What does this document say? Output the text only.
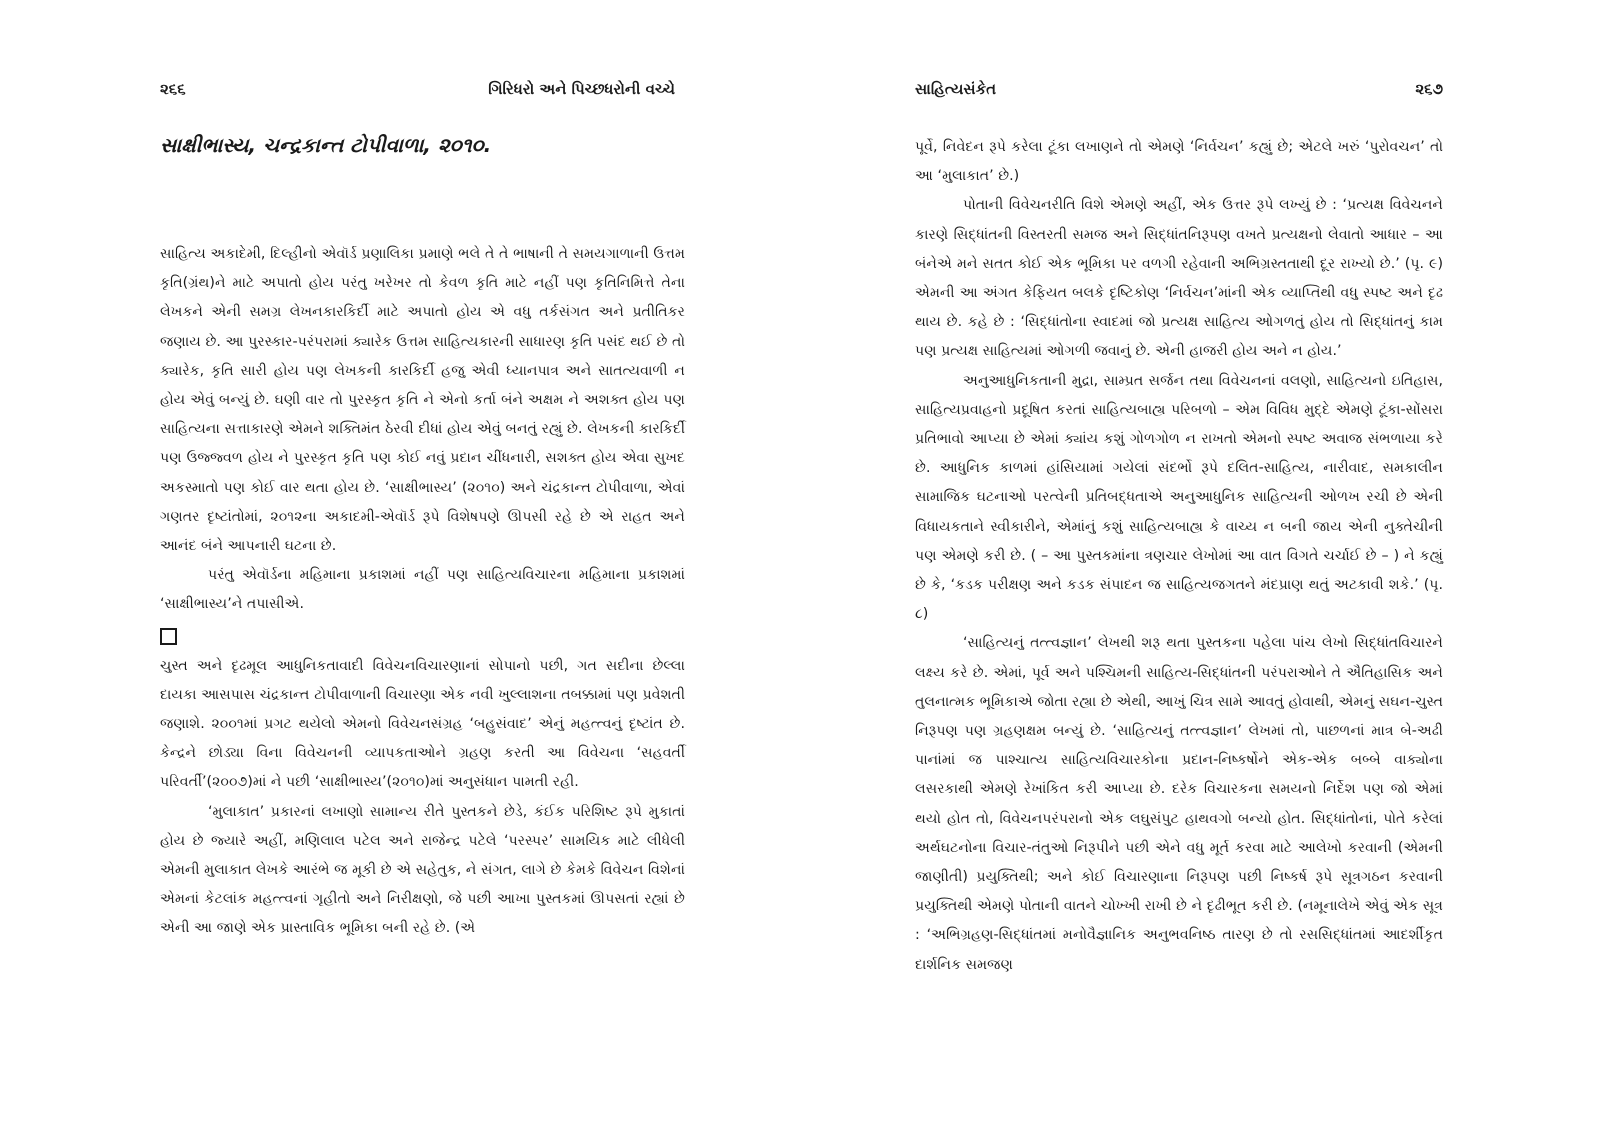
૨૬૬	ગિરિધરો અને પિચ્છધરોની વચ્ચે
સાક્ષીભાસ્ય, ચન્દ્રકાન્ત ટોપીવાળા, ૨૦૧૦.

સાહિત્ય અકાદેમી, દિલ્હીનો એવૉર્ડ પ્રણાલિકા પ્રમાણે ભલે તે તે ભાષાની તે સમયગાળાની ઉત્તમ કૃતિ(ગ્રંથ)ને માટે અપાતો હોય પરંતુ ખરેખર તો કેવળ કૃતિ માટે નહીં પણ કૃતિનિમિત્તે તેના લેખકને એની સમગ્ર લેખનકારકિર્દી માટે અપાતો હોય એ વધુ તર્કસંગત અને પ્રતીતિકર જણાય છે. આ પુરસ્કાર-પરંપરામાં ક્યારેક ઉત્તમ સાહિત્યકારની સાધારણ કૃતિ પસંદ થઈ છે તો ક્યારેક, કૃતિ સારી હોય પણ લેખકની કારકિર્દી હજુ એવી ધ્યાનપાત્ર અને સાતત્યવાળી ન હોય એવું બન્યું છે. ઘણી વાર તો પુરસ્કૃત કૃતિ ને એનો કર્તા બંને અક્ષમ ને અશક્ત હોય પણ સાહિત્યના સત્તાકારણે એમને શક્તિમંત ઠેરવી દીધાં હોય એવું બનતું રહ્યું છે. લેખકની કારકિર્દી પણ ઉજ્જ્વળ હોય ને પુરસ્કૃત કૃતિ પણ કોઈ નવું પ્રદાન ચીંધનારી, સશક્ત હોય એવા સુખદ અકસ્માતો પણ કોઈ વાર થતા હોય છે. ‘સાક્ષીભાસ્ય’ (૨૦૧૦) અને ચંદ્રકાન્ત ટોપીવાળા, એવાં ગણતર દૃષ્ટાંતોમાં, ૨૦૧૨ના અકાદમી-એવૉર્ડ રૂપે વિશેષપણે ઊપસી રહે છે એ રાહત અને આનંદ બંને આપનારી ઘટના છે.

પરંતુ એવૉર્ડના મહિમાના પ્રકાશમાં નહીં પણ સાહિત્યવિચારના મહિમાના પ્રકાશમાં ‘સાક્ષીભાસ્ય’ને તપાસીએ.

ચુસ્ત અને દૃઢમૂલ આધુનિકતાવાદી વિવેચનવિચારણાનાં સોપાનો પછી, ગત સદીના છેલ્લા દાયકા આસપાસ ચંદ્રકાન્ત ટોપીવાળાની વિચારણા એક નવી ખુલ્લાશના તબક્કામાં પણ પ્રવેશતી જણાશે. ૨૦૦૧માં પ્રગટ થયેલો એમનો વિવેચનસંગ્રહ ‘બહુસંવાદ’ એનું મહત્ત્વનું દૃષ્ટાંત છે. કેન્દ્રને છોડ્યા વિના વિવેચનની વ્યાપકતાઓને ગ્રહણ કરતી આ વિવેચના ‘સહવર્તી પરિવર્તી’(૨૦૦૭)માં ને પછી ‘સાક્ષીભાસ્ય’(૨૦૧૦)માં અનુસંધાન પામતી રહી.

‘મુલાકાત’ પ્રકારનાં લખાણો સામાન્ય રીતે પુસ્તકને છેડે, કંઈક પરિશિષ્ટ રૂપે મુકાતાં હોય છે જ્યારે અહીં, મણિલાલ પટેલ અને રાજેન્દ્ર પટેલે ‘પરસ્પર’ સામયિક માટે લીધેલી એમની મુલાકાત લેખકે આરંભે જ મૂકી છે એ સહેતુક, ને સંગત, લાગે છે કેમકે વિવેચન વિશેનાં એમનાં કેટલાંક મહત્ત્વનાં ગૃહીતો અને નિરીક્ષણો, જે પછી આખા પુસ્તકમાં ઊપસતાં રહ્યાં છે એની આ જાણે એક પ્રાસ્તાવિક ભૂમિકા બની રહે છે. (એ

સાહિત્યસંકેત	૨૬૭

પૂર્વે, નિવેદન રૂપે કરેલા ટૂંકા લખાણને તો એમણે ‘નિર્વચન’ કહ્યું છે; એટલે ખરું ‘પુરોવચન’ તો આ ‘મુલાકાત’ છે.)

પોતાની વિવેચનરીતિ વિશે એમણે અહીં, એક ઉત્તર રૂપે લખ્યું છે : ‘પ્રત્યક્ષ વિવેચનને કારણે સિદ્ધાંતની વિસ્તરતી સમજ અને સિદ્ધાંતનિરૂપણ વખતે પ્રત્યક્ષનો લેવાતો આધાર – આ બંનેએ મને સતત કોઈ એક ભૂમિકા પર વળગી રહેવાની અભિગ્રસ્તતાથી દૂર રાખ્યો છે.’ (પૃ. ૯) એમની આ અંગત કેફિયત બલકે દૃષ્ટિકોણ ‘નિર્વચન’માંની એક વ્યાપ્તિથી વધુ સ્પષ્ટ અને દૃઢ થાય છે. કહે છે : ‘સિદ્ધાંતોના સ્વાદમાં જો પ્રત્યક્ષ સાહિત્ય ઓગળતું હોય તો સિદ્ધાંતનું કામ પણ પ્રત્યક્ષ સાહિત્યમાં ઓગળી જવાનું છે. એની હાજરી હોય અને ન હોય.’

અનુઆધુનિકતાની મુદ્રા, સામ્પ્રત સર્જન તથા વિવેચનનાં વલણો, સાહિત્યનો ઇતિહાસ, સાહિત્યપ્રવાહનો પ્રદૂષિત કરતાં સાહિત્યબાહ્ય પરિબળો – એમ વિવિધ મુદ્દે એમણે ટૂંકા-સોંસરા પ્રતિભાવો આપ્યા છે એમાં ક્યાંય કશું ગોળગોળ ન રાખતો એમનો સ્પષ્ટ અવાજ સંભળાયા કરે છે. આધુનિક કાળમાં હાંસિયામાં ગયેલાં સંદર્ભો રૂપે દલિત-સાહિત્ય, નારીવાદ, સમકાલીન સામાજિક ઘટનાઓ પરત્વેની પ્રતિબદ્ધતાએ અનુઆધુનિક સાહિત્યની ઓળખ રચી છે એની વિધાયકતાને સ્વીકારીને, એમાંનું કશું સાહિત્યબાહ્ય કે વાચ્ય ન બની જાય એની નુક્તેચીની પણ એમણે કરી છે. ( – આ પુસ્તકમાંના ત્રણચાર લેખોમાં આ વાત વિગતે ચર્ચાઈ છે – ) ને કહ્યું છે કે, ‘કડક પરીક્ષણ અને કડક સંપાદન જ સાહિત્યજગતને મંદપ્રાણ થતું અટકાવી શકે.’ (પૃ. ૮)

‘સાહિત્યનું તત્ત્વજ્ઞાન’ લેખથી શરૂ થતા પુસ્તકના પહેલા પાંચ લેખો સિદ્ધાંતવિચારને લક્ષ્ય કરે છે. એમાં, પૂર્વ અને પશ્ચિમની સાહિત્ય-સિદ્ધાંતની પરંપરાઓને તે ઐતિહાસિક અને તુલનાત્મક ભૂમિકાએ જોતા રહ્યા છે એથી, આખું ચિત્ર સામે આવતું હોવાથી, એમનું સઘન-ચુસ્ત નિરૂપણ પણ ગ્રહણક્ષમ બન્યું છે. ‘સાહિત્યનું તત્ત્વજ્ઞાન’ લેખમાં તો, પાછળનાં માત્ર બે-અઢી પાનાંમાં જ પાશ્ચાત્ય સાહિત્યવિચારકોના પ્રદાન-નિષ્કર્ષોને એક-એક બબ્બે વાક્યોના લસરકાથી એમણે રેખાંકિત કરી આપ્યા છે. દરેક વિચારકના સમયનો નિર્દેશ પણ જો એમાં થયો હોત તો, વિવેચનપરંપરાનો એક લઘુસંપુટ હાથવગો બન્યો હોત. સિદ્ધાંતોનાં, પોતે કરેલાં અર્થઘટનોના વિચાર-તંતુઓ નિરૂપીને પછી એને વધુ મૂર્ત કરવા માટે આલેખો કરવાની (એમની જાણીતી) પ્રયુક્તિથી; અને કોઈ વિચારણાના નિરૂપણ પછી નિષ્કર્ષ રૂપે સૂત્રગઠન કરવાની પ્રયુક્તિથી એમણે પોતાની વાતને ચોખ્ખી રાખી છે ને દૃઢીભૂત કરી છે. (નમૂનાલેખે એવું એક સૂત્ર : ‘અભિગ્રહણ-સિદ્ધાંતમાં મનોવૈજ્ઞાનિક અનુભવનિષ્ઠ તારણ છે તો રસસિદ્ધાંતમાં આદર્શીકૃત દાર્શનિક સમજણ
